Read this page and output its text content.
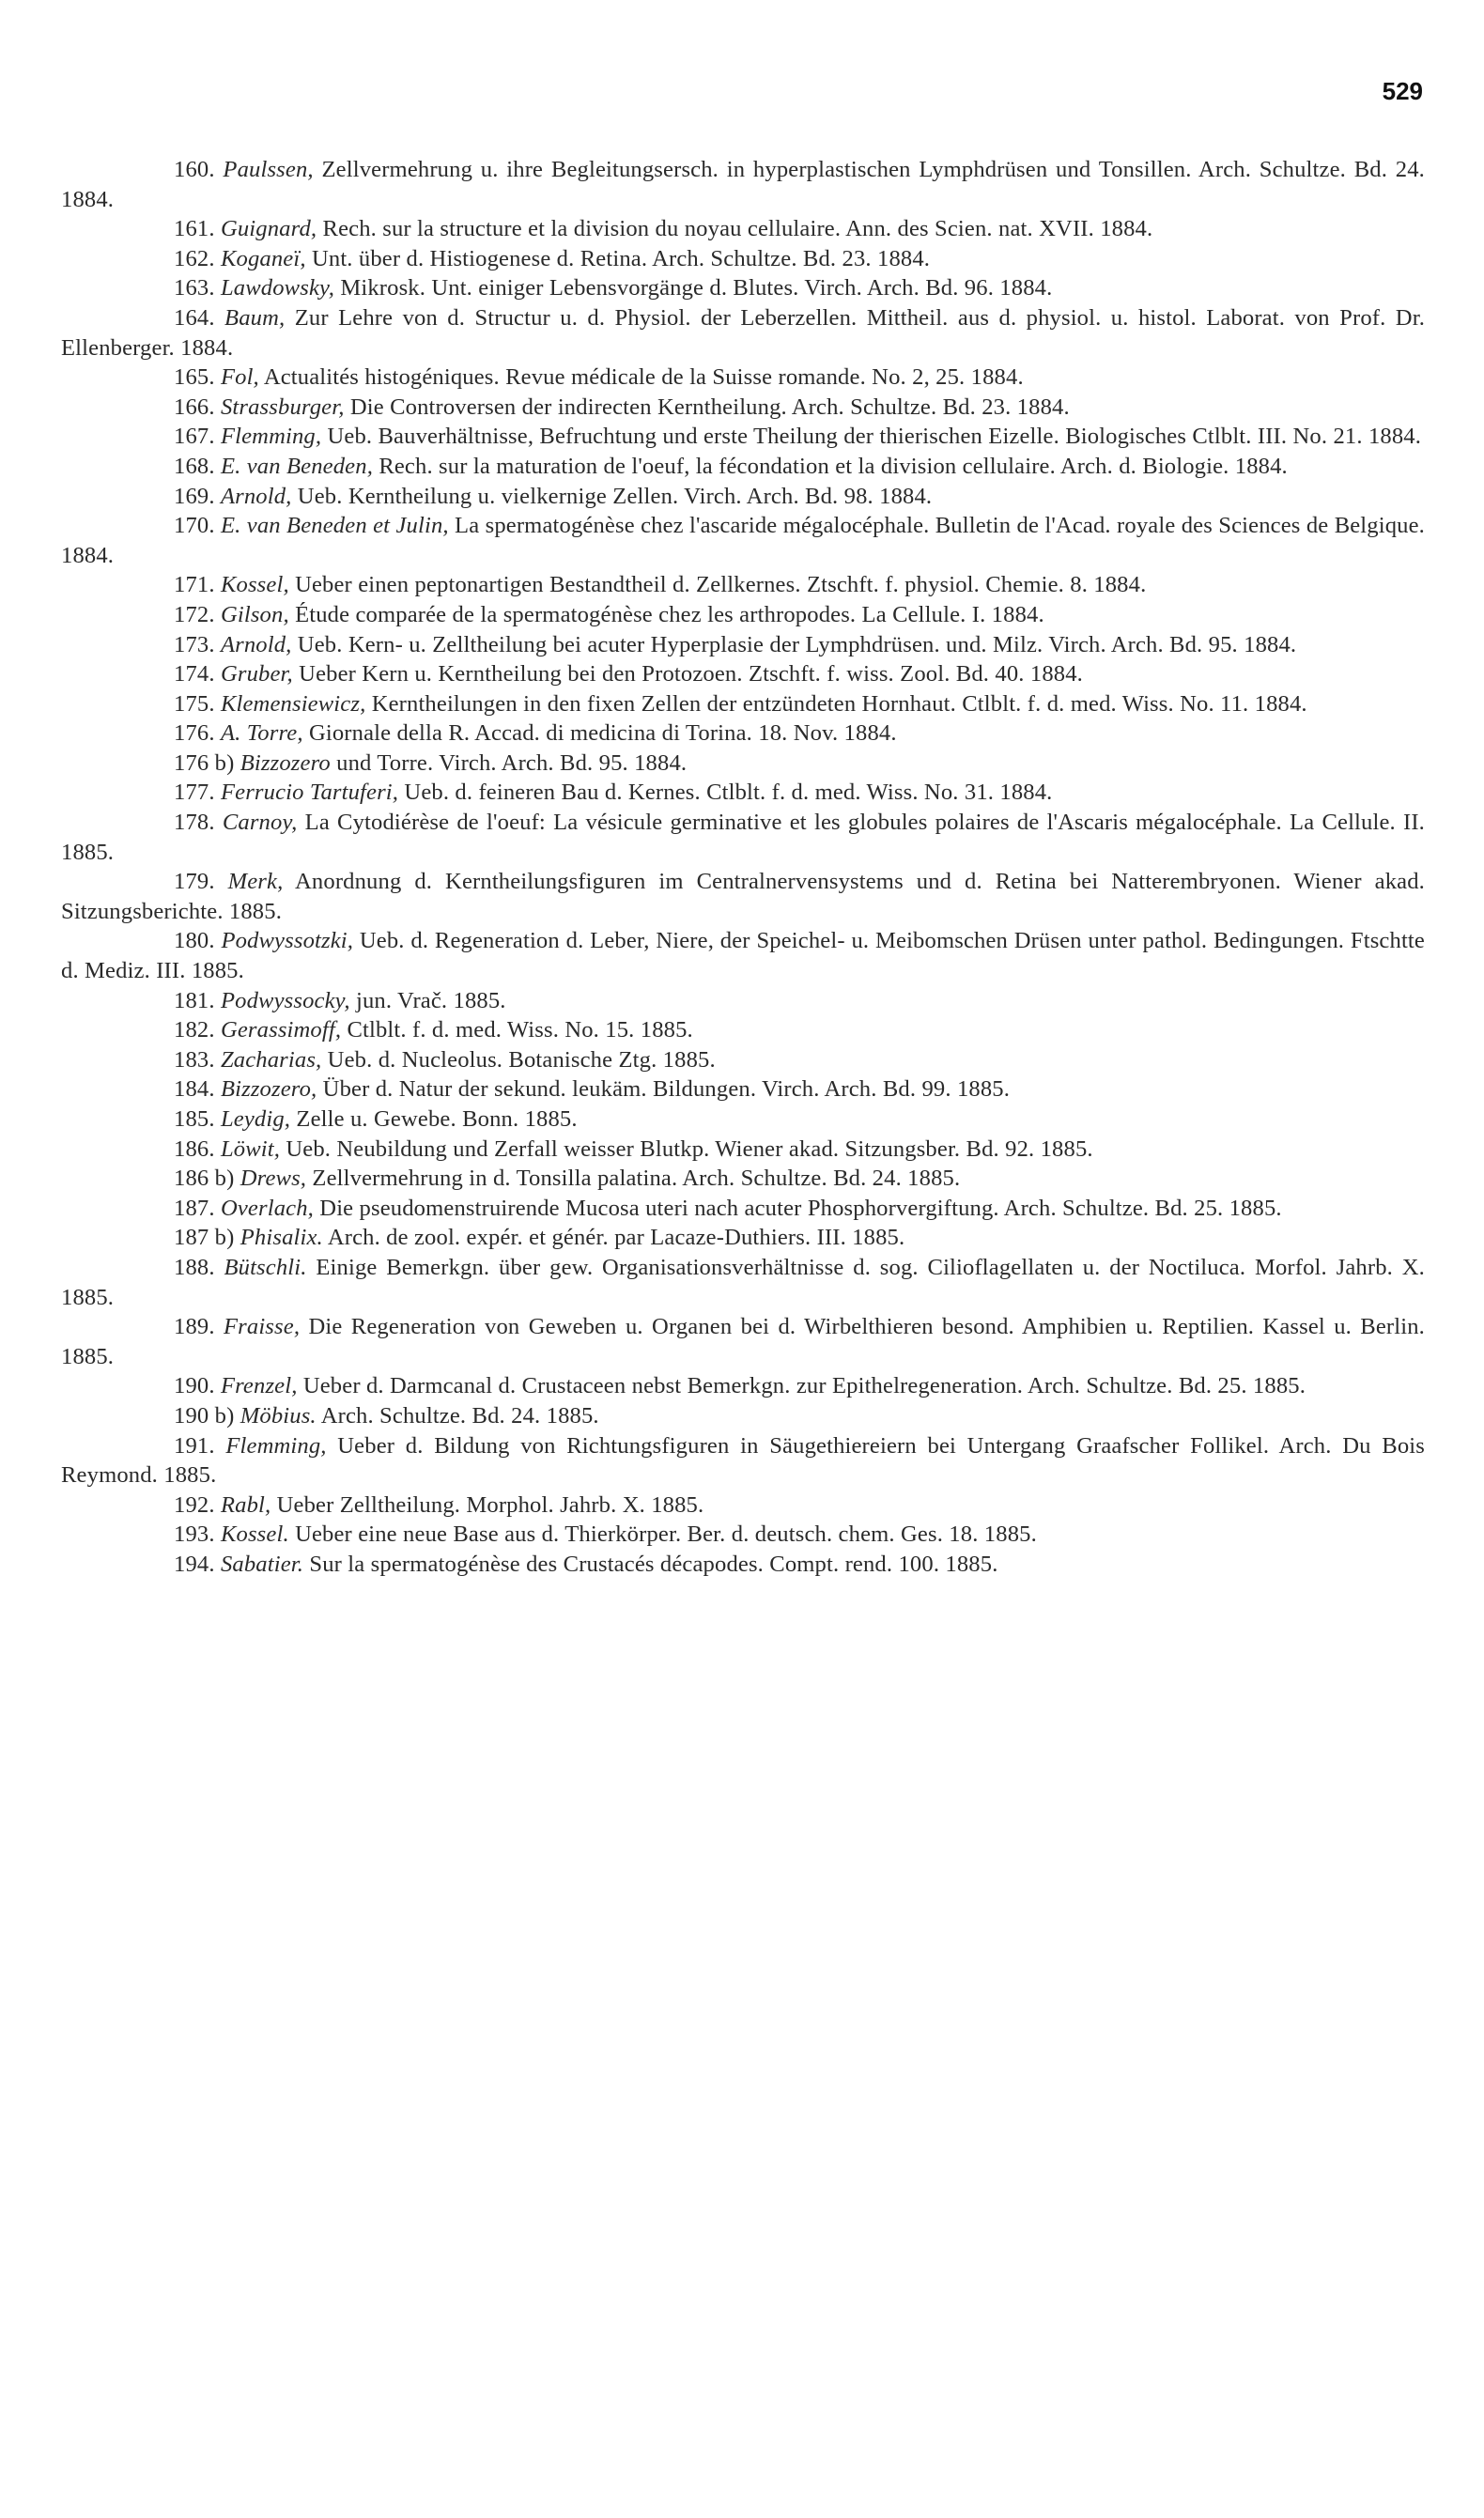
529

160. Paulssen, Zellvermehrung u. ihre Begleitungsersch. in hyperplastischen Lymphdrüsen und Tonsillen. Arch. Schultze. Bd. 24. 1884.

161. Guignard, Rech. sur la structure et la division du noyau cellulaire. Ann. des Scien. nat. XVII. 1884.

162. Koganeï, Unt. über d. Histiogenese d. Retina. Arch. Schultze. Bd. 23. 1884.

163. Lawdowsky, Mikrosk. Unt. einiger Lebensvorgänge d. Blutes. Virch. Arch. Bd. 96. 1884.

164. Baum, Zur Lehre von d. Structur u. d. Physiol. der Leberzellen. Mittheil. aus d. physiol. u. histol. Laborat. von Prof. Dr. Ellenberger. 1884.

165. Fol, Actualités histogéniques. Revue médicale de la Suisse romande. No. 2, 25. 1884.

166. Strassburger, Die Controversen der indirecten Kerntheilung. Arch. Schultze. Bd. 23. 1884.

167. Flemming, Ueb. Bauverhältnisse, Befruchtung und erste Theilung der thierischen Eizelle. Biologisches Ctlblt. III. No. 21. 1884.

168. E. van Beneden, Rech. sur la maturation de l'oeuf, la fécondation et la division cellulaire. Arch. d. Biologie. 1884.

169. Arnold, Ueb. Kerntheilung u. vielkernige Zellen. Virch. Arch. Bd. 98. 1884.

170. E. van Beneden et Julin, La spermatogénèse chez l'ascaride mégalocéphale. Bulletin de l'Acad. royale des Sciences de Belgique. 1884.

171. Kossel, Ueber einen peptonartigen Bestandtheil d. Zellkernes. Ztschft. f. physiol. Chemie. 8. 1884.

172. Gilson, Étude comparée de la spermatogénèse chez les arthropodes. La Cellule. I. 1884.

173. Arnold, Ueb. Kern- u. Zelltheilung bei acuter Hyperplasie der Lymphdrüsen. und. Milz. Virch. Arch. Bd. 95. 1884.

174. Gruber, Ueber Kern u. Kerntheilung bei den Protozoen. Ztschft. f. wiss. Zool. Bd. 40. 1884.

175. Klemensiewicz, Kerntheilungen in den fixen Zellen der entzündeten Hornhaut. Ctlblt. f. d. med. Wiss. No. 11. 1884.

176. A. Torre, Giornale della R. Accad. di medicina di Torina. 18. Nov. 1884.

176 b) Bizzozero und Torre. Virch. Arch. Bd. 95. 1884.

177. Ferrucio Tartuferi, Ueb. d. feineren Bau d. Kernes. Ctlblt. f. d. med. Wiss. No. 31. 1884.

178. Carnoy, La Cytodiérèse de l'oeuf: La vésicule germinative et les globules polaires de l'Ascaris mégalocéphale. La Cellule. II. 1885.

179. Merk, Anordnung d. Kerntheilungsfiguren im Centralnervensystems und d. Retina bei Natterembryonen. Wiener akad. Sitzungsberichte. 1885.

180. Podwyssotzki, Ueb. d. Regeneration d. Leber, Niere, der Speichel- u. Meibomschen Drüsen unter pathol. Bedingungen. Ftschtte d. Mediz. III. 1885.

181. Podwyssocky, jun. Vrač. 1885.

182. Gerassimoff, Ctlblt. f. d. med. Wiss. No. 15. 1885.

183. Zacharias, Ueb. d. Nucleolus. Botanische Ztg. 1885.

184. Bizzozero, Über d. Natur der sekund. leukäm. Bildungen. Virch. Arch. Bd. 99. 1885.

185. Leydig, Zelle u. Gewebe. Bonn. 1885.

186. Löwit, Ueb. Neubildung und Zerfall weisser Blutkp. Wiener akad. Sitzungsber. Bd. 92. 1885.

186 b) Drews, Zellvermehrung in d. Tonsilla palatina. Arch. Schultze. Bd. 24. 1885.

187. Overlach, Die pseudomenstruirende Mucosa uteri nach acuter Phosphorvergiftung. Arch. Schultze. Bd. 25. 1885.

187 b) Phisalix. Arch. de zool. expér. et génér. par Lacaze-Duthiers. III. 1885.

188. Bütschli. Einige Bemerkgn. über gew. Organisationsverhältnisse d. sog. Cilioflagellaten u. der Noctiluca. Morfol. Jahrb. X. 1885.

189. Fraisse, Die Regeneration von Geweben u. Organen bei d. Wirbelthieren besond. Amphibien u. Reptilien. Kassel u. Berlin. 1885.

190. Frenzel, Ueber d. Darmcanal d. Crustaceen nebst Bemerkgn. zur Epithelregeneration. Arch. Schultze. Bd. 25. 1885.

190 b) Möbius. Arch. Schultze. Bd. 24. 1885.

191. Flemming, Ueber d. Bildung von Richtungsfiguren in Säugethiereiern bei Untergang Graafscher Follikel. Arch. Du Bois Reymond. 1885.

192. Rabl, Ueber Zelltheilung. Morphol. Jahrb. X. 1885.

193. Kossel. Ueber eine neue Base aus d. Thierkörper. Ber. d. deutsch. chem. Ges. 18. 1885.

194. Sabatier. Sur la spermatogénèse des Crustacés décapodes. Compt. rend. 100. 1885.
